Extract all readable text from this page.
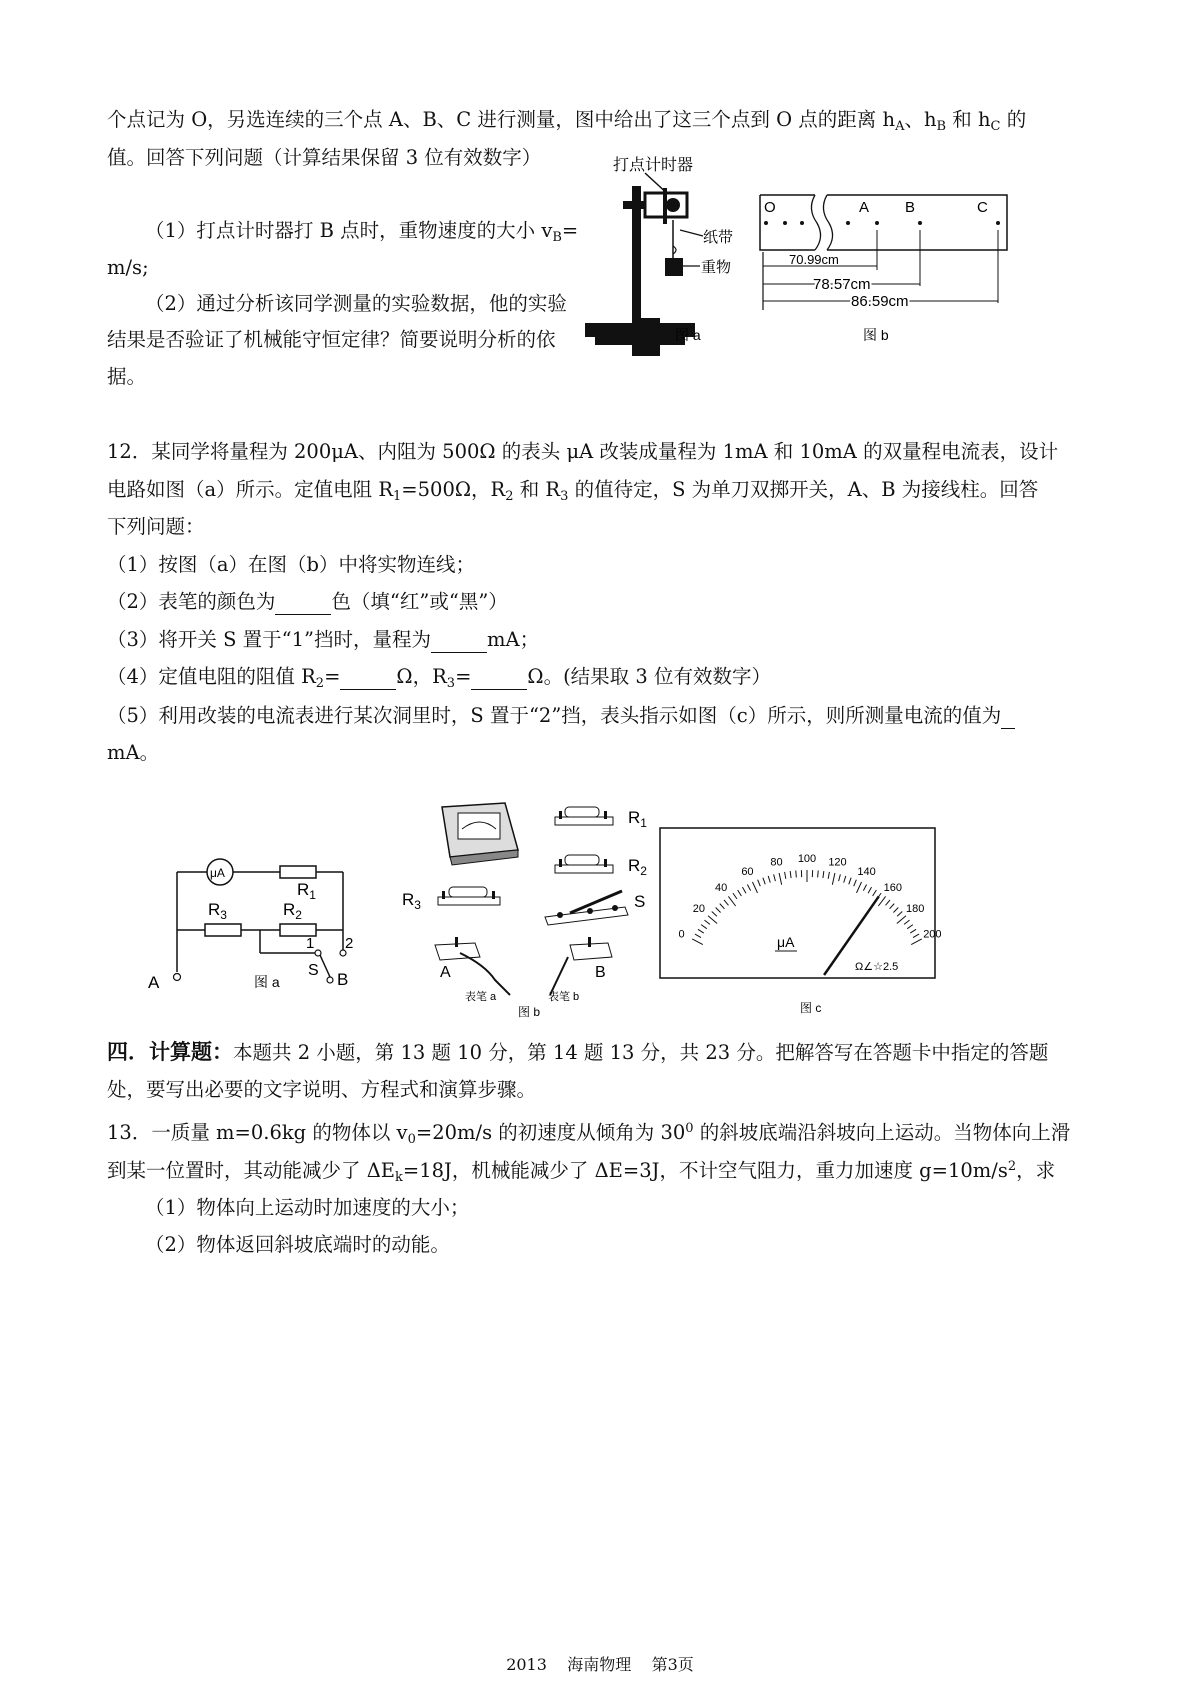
个点记为 O，另选连续的三个点 A、B、C 进行测量，图中给出了这三个点到 O 点的距离 $h_A$、$h_B$ 和 $h_C$ 的
值。回答下列问题（计算结果保留 3 位有效数字）
（1）打点计时器打 B 点时，重物速度的大小 $v_B=$
m/s;
（2）通过分析该同学测量的实验数据，他的实验
结果是否验证了机械能守恒定律？简要说明分析的依
据。
打点计时器
纸带
重物
图 a
O	A B	C
70.99cm
78.57cm
86.59cm
图 b
12．某同学将量程为 200μA、内阻为 500Ω 的表头 μA 改装成量程为 1mA 和 10mA 的双量程电流表，设计
电路如图（a）所示。定值电阻 $R_1=500\Omega$，$R_2$ 和 $R_3$ 的值待定，S 为单刀双掷开关，A、B 为接线柱。回答
下列问题：
（1）按图（a）在图（b）中将实物连线；
（2）表笔的颜色为	色（填“红”或“黑”）
（3）将开关 S 置于“1”挡时，量程为	mA；
（4）定值电阻的阻值 $R_2=$	Ω，$R_3=$	Ω。(结果取 3 位有效数字）
（5）利用改装的电流表进行某次洞里时，S 置于“2”挡，表头指示如图（c）所示，则所测量电流的值为
mA。
μA
$R_1$
A
$R_3$	$R_2$
1 2
S B
图 a
$R_1$
$R_2$
$R_3$	S
A
表笔 a
B
表笔 b
图 b
0
20
40
60
80 100 120
140
160
180
200
μA
Ω∠☆2.5
图 c
四．计算题：本题共 2 小题，第 13 题 10 分，第 14 题 13 分，共 23 分。把解答写在答题卡中指定的答题
处，要写出必要的文字说明、方程式和演算步骤。
13．一质量 m=0.6kg 的物体以 $v_0=20m/s$ 的初速度从倾角为 $30^0$ 的斜坡底端沿斜坡向上运动。当物体向上滑
到某一位置时，其动能减少了 $\Delta E_k=18J$，机械能减少了 ΔE=3J，不计空气阻力，重力加速度 $g=10m/s^2$，求
（1）物体向上运动时加速度的大小；
（2）物体返回斜坡底端时的动能。
2013 海南物理 第3页
